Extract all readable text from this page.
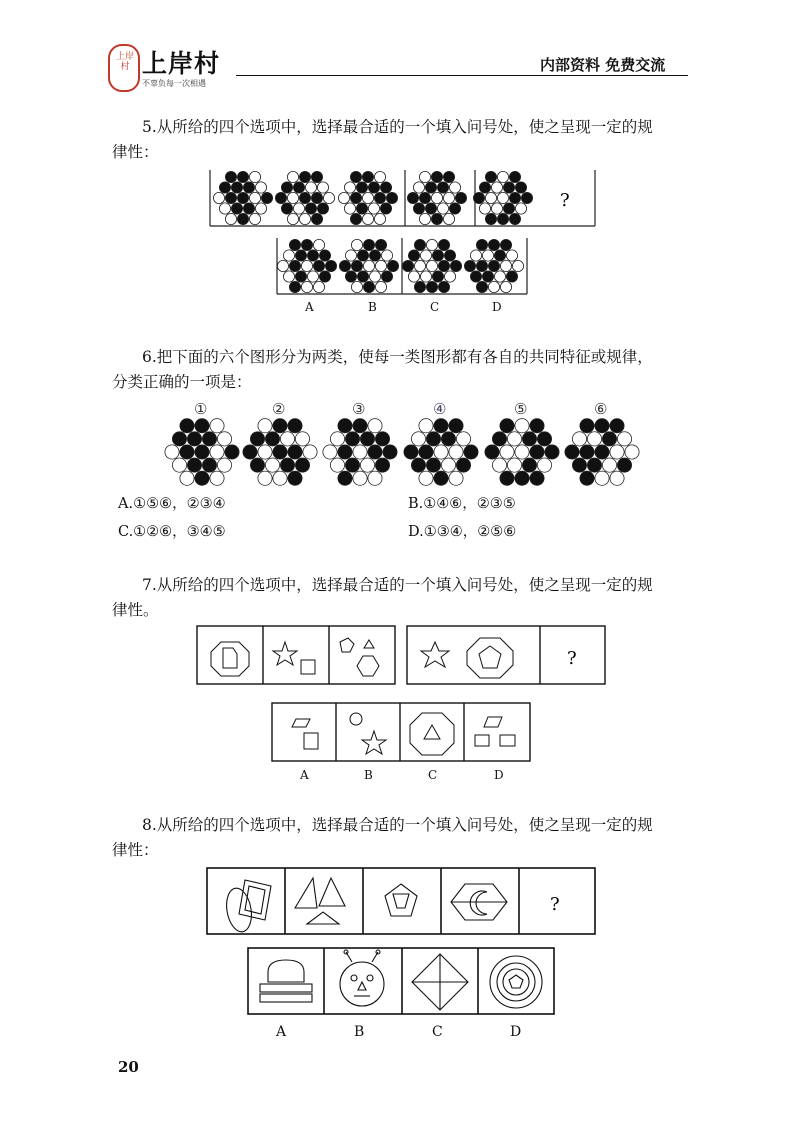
上岸村 上岸村
不辜负每一次相遇
内部资料 免费交流
5.从所给的四个选项中，选择最合适的一个填入问号处，使之呈现一定的规
律性：
?
A	B	C	D
6.把下面的六个图形分为两类，使每一类图形都有各自的共同特征或规律，
分类正确的一项是：
①	②	③	④	⑤	⑥
A.①⑤⑥，②③④	B.①④⑥，②③⑤
C.①②⑥，③④⑤	D.①③④，②⑤⑥
7.从所给的四个选项中，选择最合适的一个填入问号处，使之呈现一定的规
律性。
?
A	B	C	D
8.从所给的四个选项中，选择最合适的一个填入问号处，使之呈现一定的规
律性：
?
A	B	C	D
20
